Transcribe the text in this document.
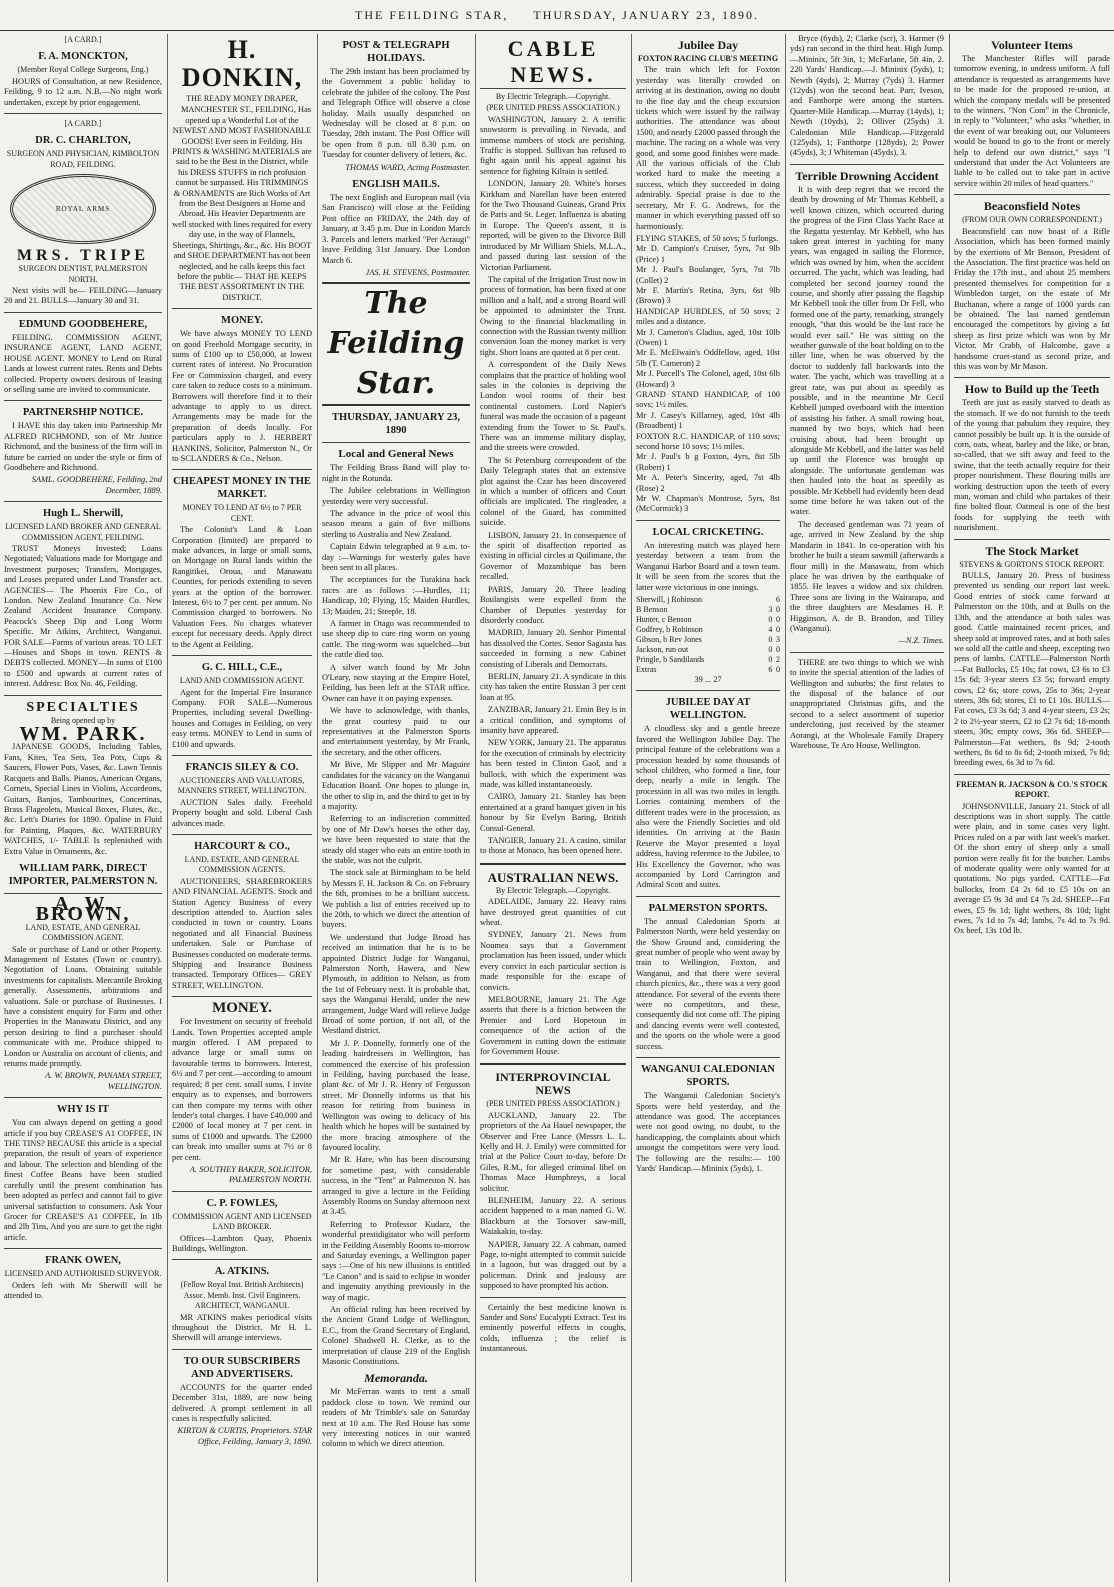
THE FEILDING STAR, THURSDAY, JANUARY 23, 1890.
[A CARD.]
F. A. MONCKTON,
(Member Royal College Surgeons, Eng.)

HOURS of Consultation, at new Residence, Feilding, 9 to 12 a.m. N.B.—No night work undertaken, except by prior engagement.

[A CARD.]
DR. C. CHARLTON,
SURGEON AND PHYSICIAN, KIMBOLTON ROAD, FEILDING.
ROYAL ARMS
MRS. TRIPE
SURGEON DENTIST, PALMERSTON NORTH.

Next visits will be— FEILDING—January 20 and 21. BULLS—January 30 and 31.

EDMUND GOODBEHERE,

FEILDING. COMMISSION AGENT, INSURANCE AGENT, LAND AGENT, HOUSE AGENT. MONEY to Lend on Rural Lands at lowest current rates. Rents and Debts collected. Property owners desirous of leasing or selling same are invited to communicate.

PARTNERSHIP NOTICE.

I HAVE this day taken into Partnership Mr ALFRED RICHMOND, son of Mr Justice Richmond, and the business of the firm will in future be carried on under the style or firm of Goodbehere and Richmond.

SAML. GOODBEHERE, Feilding, 2nd December, 1889.
Hugh L. Sherwill,
LICENSED LAND BROKER AND GENERAL COMMISSION AGENT, FEILDING.

TRUST Moneys Invested; Loans Negotiated; Valuations made for Mortgage and Investment purposes; Transfers, Mortgages, and Leases prepared under Land Transfer act. AGENCIES— The Phoenix Fire Co., of London. New Zealand Insurance Co. New Zealand Accident Insurance Company. Peacock's Sheep Dip and Long Worm Specific. Mr Atkins, Architect, Wanganui. FOR SALE—Farms of various areas. TO LET—Houses and Shops in town. RENTS & DEBTS collected. MONEY—In sums of £100 to £500 and upwards at current rates of interest. Address: Box No. 46, Feilding.

SPECIALTIES
Being opened up by
WM. PARK.

JAPANESE GOODS, Including Tables, Fans, Kites, Tea Sets, Tea Pots, Cups & Saucers, Flower Pots, Vases, &c. Lawn Tennis Racquets and Balls. Pianos, American Organs, Cornets, Special Lines in Violins, Accordeons, Guitars, Banjos, Tambourines, Concertinas, Brass Flageolets, Musical Boxes, Flutes, &c., &c. Lett's Diaries for 1890. Opaline in Fluid for Painting, Plaques, &c. WATERBURY WATCHES, 1/- TABLE Is replenished with Extra Value in Ornaments, &c.

WILLIAM PARK, DIRECT IMPORTER, PALMERSTON N.
A. W. BROWN,
LAND, ESTATE, AND GENERAL COMMISSION AGENT.

Sale or purchase of Land or other Property. Management of Estates (Town or country). Negotiation of Loans. Obtaining suitable investments for capitalists. Mercantile Broking generally. Assessments, arbitrations and valuations. Sale or purchase of Businesses. I have a consistent enquiry for Farm and other Properties in the Manawatu District, and any person desiring to find a purchaser should communicate with me. Produce shipped to London or Australia on account of clients, and returns made promptly.

A. W. BROWN, PANAMA STREET, WELLINGTON.
WHY IS IT

You can always depend on getting a good article if you buy CREASE'S A1 COFFEE, IN THE TINS? BECAUSE this article is a special preparation, the result of years of experience and labour. The selection and blending of the finest Coffee Beans have been studied carefully until the present combination has been adopted as perfect and cannot fail to give universal satisfaction to consumers. Ask Your Grocer for CREASE'S A1 COFFEE, In 1lb and 2lb Tins, And you are sure to get the right article.

FRANK OWEN,
LICENSED AND AUTHORISED SURVEYOR.

Orders left with Mr Sherwill will be attended to.

H. DONKIN,
THE READY MONEY DRAPER,

MANCHESTER ST., FEILDING, Has opened up a Wonderful Lot of the NEWEST AND MOST FASHIONABLE GOODS! Ever seen in Feilding. His PRINTS & WASHING MATERIALS are said to be the Best in the District, while his DRESS STUFFS in rich profusion cannot be surpassed. His TRIMMINGS & ORNAMENTS are Rich Works of Art from the Best Designers at Home and Abroad. His Heavier Departments are well stocked with lines required for every day use, in the way of Flannels, Sheetings, Shirtings, &c., &c. His BOOT and SHOE DEPARTMENT has not been neglected, and he calls keeps this fact before the public— THAT HE KEEPS THE BEST ASSORTMENT IN THE DISTRICT.

MONEY.

We have always MONEY TO LEND on good Freehold Mortgage security, in sums of £100 up to £50,000, at lowest current rates of interest. No Procuration Fee or Commission charged, and every care taken to reduce costs to a minimum. Borrowers will therefore find it to their advantage to apply to us direct. Arrangements may be made for the preparation of deeds locally. For particulars apply to J. HERBERT HANKINS, Solicitor, Palmerston N., Or to SCLANDERS & Co., Nelson.

CHEAPEST MONEY IN THE MARKET.
MONEY TO LEND AT 6½ to 7 PER CENT.

The Colonist's Land & Loan Corporation (limited) are prepared to make advances, in large or small sums, on Mortgage on Rural lands within the Rangitikei, Oroua, and Manawatu Counties, for periods extending to seven years at the option of the borrower. Interest, 6½ to 7 per cent. per annum. No Commission charged to borrowers. No Valuation Fees. No charges whatever except for necessary deeds. Apply direct to the Agent at Feilding.

G. C. HILL, C.E.,
LAND AND COMMISSION AGENT.

Agent for the Imperial Fire Insurance Company. FOR SALE—Numerous Properties, including several Dwelling-houses and Cottages in Feilding, on very easy terms. MONEY to Lend in sums of £100 and upwards.

FRANCIS SILEY & CO.
AUCTIONEERS AND VALUATORS, MANNERS STREET, WELLINGTON.

AUCTION Sales daily. Freehold Property bought and sold. Liberal Cash advances made.

HARCOURT & CO.,
LAND, ESTATE, AND GENERAL COMMISSION AGENTS.

AUCTIONEERS, SHAREBROKERS AND FINANCIAL AGENTS. Stock and Station Agency Business of every description attended to. Auction sales conducted in town or country. Loans negotiated and all Financial Business undertaken. Sale or Purchase of Businesses conducted on moderate terms. Shipping and Insurance Business transacted. Temporary Offices— GREY STREET, WELLINGTON.

MONEY.

For Investment on security of freehold Lands. Town Properties accepted ample margin offered. I AM prepared to advance large or small sums on favourable terms to borrowers. Interest, 6½ and 7 per cent.—according to amount required; 8 per cent. small sums. I invite enquiry as to expenses, and borrowers can then compare my terms with other lender's total charges. I have £40,000 and £2000 of local money at 7 per cent. in sums of £1000 and upwards. The £2000 can break into smaller sums at 7½ or 8 per cent.

A. SOUTHEY BAKER, SOLICITOR, PALMERSTON NORTH.
C. P. FOWLES,
COMMISSION AGENT AND LICENSED LAND BROKER.

Offices—Lambton Quay, Phoenix Buildings, Wellington.

A. ATKINS.
(Fellow Royal Inst. British Architects) Assoc. Memb. Inst. Civil Engineers. ARCHITECT, WANGANUI.

MR ATKINS makes periodical visits throughout the District. Mr H. L. Sherwill will arrange interviews.

TO OUR SUBSCRIBERS AND ADVERTISERS.

ACCOUNTS for the quarter ended December 31st, 1889, are now being delivered. A prompt settlement in all cases is respectfully solicited.

KIRTON & CURTIS, Proprietors. STAR Office, Feilding, January 3, 1890.
POST & TELEGRAPH HOLIDAYS.

The 29th instant has been proclaimed by the Government a public holiday to celebrate the jubilee of the colony. The Post and Telegraph Office will observe a close holiday. Mails usually despatched on Wednesday will be closed at 8 p.m. on Tuesday, 28th instant. The Post Office will be open from 8 p.m. till 8.30 p.m. on Tuesday for counter delivery of letters, &c.

THOMAS WARD, Acting Postmaster.
ENGLISH MAILS.

The next English and European mail (via San Francisco) will close at the Feilding Post office on FRIDAY, the 24th day of January, at 3.45 p.m. Due in London March 3. Parcels and letters marked "Per Acraugi" leave Feilding 31st January. Due London March 6.

JAS. H. STEVENS, Postmaster.
The Feilding Star.
THURSDAY, JANUARY 23, 1890
Local and General News

The Feilding Brass Band will play to-night in the Rotunda.

The Jubilee celebrations in Wellington yesterday were very successful.

The advance in the price of wool this season means a gain of five millions sterling to Australia and New Zealand.

Captain Edwin telegraphed at 9 a.m. to-day :—Warnings for westerly gales have been sent to all places.

The acceptances for the Turakina hack races are as follows :—Hurdles, 11; Handicap, 10; Flying, 15; Maiden Hurdles, 13; Maiden, 21; Steeple, 18.

A farmer in Otago was recommended to use sheep dip to cure ring worm on young cattle. The ring-worm was squelched—but the cattle died too.

A silver watch found by Mr John O'Leary, now staying at the Empire Hotel, Feilding, has been left at the STAR office. Owner can have it on paying expenses.

We have to acknowledge, with thanks, the great courtesy paid to our representatives at the Palmerston Sports and entertainment yesterday, by Mr Frank, the secretary, and the other officers.

Mr Bive, Mr Slipper and Mr Maguire candidates for the vacancy on the Wanganui Education Board. One hopes to plunge in, the other to slip in, and the third to get in by a majority.

Referring to an indiscretion committed by one of Mr Daw's horses the other day, we have been requested to state that the steady old stager who eats an entire tooth in the stable, was not the culprit.

The stock sale at Birmingham to be held by Messrs F. H. Jackson & Co. on February the 6th, promises to be a brilliant success. We publish a list of entries received up to the 20th, to which we direct the attention of buyers.

We understand that Judge Broad has received an intimation that he is to be appointed District Judge for Wanganui, Palmerston North, Hawera, and New Plymouth, in addition to Nelson, as from the 1st of February next. It is probable that, says the Wanganui Herald, under the new arrangement, Judge Ward will relieve Judge Broad of some portion, if not all, of the Westland district.

Mr J. P. Donnelly, formerly one of the leading hairdressers in Wellington, has commenced the exercise of his profession in Feilding, having purchased the lease, plant &c. of Mr J. R. Henry of Fergusson street. Mr Donnelly informs us that his reason for retiring from business in Wellington was owing to delicacy of his health which he hopes will be sustained by the more bracing atmosphere of the favoured locality.

Mr R. Hare, who has been discoursing for sometime past, with considerable success, in the "Tent" at Palmerston N. has arranged to give a lecture in the Feilding Assembly Rooms on Sunday afternoon next at 3.45.

Referring to Professor Kudarz, the wonderful prestidigitator who will perform in the Feilding Assembly Rooms to-morrow and Saturday evenings, a Wellington paper says :—One of his new illusions is entitled "Le Canon" and is said to eclipse in wonder and ingenuity anything previously in the way of magic.

An official ruling has been received by the Ancient Grand Lodge of Wellington, E.C., from the Grand Secretary of England, Colonel Shadwell H. Clerke, as to the interpretation of clause 219 of the English Masonic Constitutions.

Memoranda.

Mr McFerran wants to rent a small paddock close to town. We remind our readers of Mr Trimble's sale on Saturday next at 10 a.m. The Red House has some very interesting notices in our wanted column to which we direct attention.

CABLE NEWS.
By Electric Telegraph.—Copyright.
(PER UNITED PRESS ASSOCIATION.)

WASHINGTON, January 2. A terrific snowstorm is prevailing in Nevada, and immense numbers of stock are perishing. Traffic is stopped. Sullivan has refused to fight again until his appeal against his sentence for fighting Kilrain is settled.

LONDON, January 20. White's horses Kirkham and Narellan have been entered for the Two Thousand Guineas, Grand Prix de Paris and St. Leger. Influenza is abating in Europe. The Queen's assent, it is reported, will be given to the Divorce Bill introduced by Mr William Shiels, M.L.A., and passed during last session of the Victorian Parliament.

The capital of the Irrigation Trust now in process of formation, has been fixed at one million and a half, and a strong Board will be appointed to administer the Trust. Owing to the financial blackmailing in connection with the Russian twenty million conversion loan the money market is very tight. Short loans are quoted at 8 per cent.

A correspondent of the Daily News complains that the practice of holding wool sales in the colonies is depriving the London wool rooms of their best continental customers. Lord Napier's funeral was made the occasion of a pageant extending from the Tower to St. Paul's. There was an immense military display, and the streets were crowded.

The St Petersburg correspondent of the Daily Telegraph states that an extensive plot against the Czar has been discovered in which a number of officers and Court officials are implicated. The ringleader, a colonel of the Guard, has committed suicide.

LISBON, January 21. In consequence of the spirit of disaffection reported as existing in official circles at Quilimane, the Governor of Mozambique has been recalled.

PARIS, January 20. Three leading Boulangists were expelled from the Chamber of Deputies yesterday for disorderly conduct.

MADRID, January 20. Senhor Pimental has dissolved the Cortes. Senor Sagasta has succeeded in forming a new Cabinet consisting of Liberals and Democrats.

BERLIN, January 21. A syndicate in this city has taken the entire Russian 3 per cent loan at 95.

ZANZIBAR, January 21. Emin Bey is in a critical condition, and symptoms of insanity have appeared.

NEW YORK, January 21. The apparatus for the execution of criminals by electricity has been tested in Clinton Gaol, and a bullock, with which the experiment was made, was killed instantaneously.

CAIRO, January 21. Stanley has been entertained at a grand banquet given in his honour by Sir Evelyn Baring, British Consul-General.

TANGIER, January 21. A casino, similar to those at Monaco, has been opened here.

AUSTRALIAN NEWS.
By Electric Telegraph.—Copyright.

ADELAIDE, January 22. Heavy rains have destroyed great quantities of cut wheat.

SYDNEY, January 21. News from Noumea says that a Government proclamation has been issued, under which every convict in each particular section is made responsible for the escape of convicts.

MELBOURNE, January 21. The Age asserts that there is a friction between the Premier and Lord Hopetoun in consequence of the action of the Government in cutting down the estimate for Government House.

INTERPROVINCIAL NEWS
(PER UNITED PRESS ASSOCIATION.)

AUCKLAND, January 22. The proprietors of the Aa Hauel newspaper, the Observer and Free Lance (Messrs L. L. Kelly and H. J. Emily) were committed for trial at the Police Court to-day, before Dr Giles, R.M., for alleged criminal libel on Thomas Mace Humphreys, a local solicitor.

BLENHEIM, January 22. A serious accident happened to a man named G. W. Blackburn at the Torsover saw-mill, Waiakakio, to-day.

NAPIER, January 22. A cabman, named Page, to-night attempted to commit suicide in a lagoon, but was dragged out by a policeman. Drink and jealousy are supposed to have prompted his action.

Certainly the best medicine known is Sander and Sons' Eucalypti Extract. Test its eminently powerful effects in coughs, colds, influenza ; the relief is instantaneous.

Jubilee Day
FOXTON RACING CLUB'S MEETING

The train which left for Foxton yesterday was literally crowded on arriving at its destination, owing no doubt to the fine day and the cheap excursion tickets which were issued by the railway authorities. The attendance was about 1500, and nearly £2000 passed through the machine. The racing on a whole was very good, and some good finishes were made. All the various officials of the Club worked hard to make the meeting a success, which they succeeded in doing admirably. Special praise is due to the secretary, Mr F. G. Andrews, for the manner in which everything passed off so harmoniously.

FLYING STAKES, of 50 sovs; 5 furlongs.
Mr D. Campion's Cruiser, 5yrs, 7st 9lb (Price) 1
Mr J. Paul's Boulanger, 5yrs, 7st 7lb (Collet) 2
Mr F. Martin's Retina, 3yrs, 6st 9lb (Brown) 3
HANDICAP HURDLES, of 50 sovs; 2 miles and a distance.
Mr J. Cameron's Gladius, aged, 10st 10lb (Owen) 1
Mr E. McElwain's Oddfellow, aged, 10st 5lb (T. Cameron) 2
Mr J. Purcell's The Colonel, aged, 10st 6lb (Howard) 3
GRAND STAND HANDICAP, of 100 sovs; 1½ miles.
Mr J. Casey's Killarney, aged, 10st 4lb (Broadbent) 1
FOXTON R.C. HANDICAP, of 110 sovs; second horse 10 sovs; 1½ miles.
Mr J. Paul's b g Foxton, 4yrs, 8st 5lb (Robert) 1
Mr A. Peter's Sincerity, aged, 7st 4lb (Rose) 2
Mr W. Chapman's Montrose, 5yrs, 8st (McCormick) 3
LOCAL CRICKETING.

An interesting match was played here yesterday between a team from the Wanganui Harbor Board and a town team. It will be seen from the scores that the latter were victorious in one innings.

Sherwill, j Robinson		6
B Benson	3	0
Hunter, c Benson	0	0
Godfrey, b Robinson	4	0
Gibson, b Rev Jones	0	3
Jackson, run out	0	0
Pringle, b Sandilands	0	2
Extras	6	0
39 ... 27
JUBILEE DAY AT WELLINGTON.

A cloudless sky and a gentle breeze favored the Wellington Jubilee Day. The principal feature of the celebrations was a procession headed by some thousands of school children, who formed a line, four deep, nearly a mile in length. The procession in all was two miles in length. Lorries containing members of the different trades were in the procession, as also were the Friendly Societies and old identities. On arriving at the Basin Reserve the Mayor presented a loyal address, having reference to the Jubilee, to His Excellency the Governor, who was accompanied by Lord Carrington and Admiral Scott and suites.

PALMERSTON SPORTS.

The annual Caledonian Sports at Palmerston North, were held yesterday on the Show Ground and, considering the great number of people who went away by train to Wellington, Foxton, and Wanganui, and that there were several church picnics, &c., there was a very good attendance. For several of the events there were no competitors, and these, consequently did not come off. The piping and dancing events were well contested, and the sports on the whole were a good success.

WANGANUI CALEDONIAN SPORTS.

The Wanganui Caledonian Society's Sports were held yesterday, and the attendance was good. The acceptances were not good owing, no doubt, to the handicapping, the complaints about which amongst the competitors were very loud. The following are the results:— 100 Yards' Handicap.—Mininix (5yds), 1.

Bryce (6yds), 2; Clarke (scr), 3. Harmer (9 yds) ran second in the third heat. High Jump.—Mininix, 5ft 3in, 1; McFarlane, 5ft 4in, 2. 220 Yards' Handicap.—J. Mininix (5yds), 1; Newth (4yds), 2; Murray (7yds) 3. Harmer (12yds) won the second heat. Parr, Iveson, and Fanthorpe were among the starters. Quarter-Mile Handicap.—Murray (14yds), 1; Newth (10yds), 2; Olliver (25yds) 3. Caledonian Mile Handicap.—Fitzgerald (125yds), 1; Fanthorpe (128yds), 2; Power (45yds), 3; J Whiteman (45yds), 3.

Terrible Drowning Accident

It is with deep regret that we record the death by drowning of Mr Thomas Kebbell, a well known citizen, which occurred during the progress of the First Class Yacht Race at the Regatta yesterday. Mr Kebbell, who has taken great interest in yachting for many years, was engaged in sailing the Florence, which was owned by him, when the accident occurred. The yacht, which was leading, had completed her second journey round the course, and shortly after passing the flagship Mr Kebbell took the tiller from Dr Fell, who formed one of the party, remarking, strangely enough, "that this would be the last race he would ever sail." He was sitting on the weather gunwale of the boat holding on to the tiller line, when he was observed by the doctor to suddenly fall backwards into the water. The yacht, which was travelling at a great rate, was put about as speedily as possible, and in the meantime Mr Cecil Kebbell jumped overboard with the intention of assisting his father. A small rowing boat, manned by two boys, which had been cruising about, had been brought up alongside Mr Kebbell, and the latter was held up until the Florence was brought up alongside. The unfortunate gentleman was then hauled into the boat as speedily as possible. Mr Kebbell had evidently been dead some time before he was taken out of the water.

The deceased gentleman was 71 years of age, arrived in New Zealand by the ship Mandarin in 1841. In co-operation with his brother he built a steam sawmill (afterwards a flour mill) in the Manawatu, from which place he was driven by the earthquake of 1855. He leaves a widow and six children. Three sons are living in the Wairarapa, and the three daughters are Mesdames H. P. Higginson, A. de B. Brandon, and Tilley (Wanganui).

—N.Z. Times.

THERE are two things to which we wish to invite the special attention of the ladies of Wellington and suburbs; the first relates to the disposal of the balance of our unappropriated Christmas gifts, and the second to a select assortment of superior undercloting, just received by the steamer Aorangi, at the Wholesale Family Drapery Warehouse, Te Aro House, Wellington.

Volunteer Items

The Manchester Rifles will parade tomorrow evening, in undress uniform. A full attendance is requested as arrangements have to be made for the proposed re-union, at which the company medals will be presented to the winners. "Non Com" in the Chronicle, in reply to "Volunteer," who asks "whether, in the event of war breaking out, our Volunteers would be bound to go to the front or merely help to defend our own district," says "I understand that under the Act Volunteers are liable to be called out to take part in active service within 20 miles of head quarters."

Beaconsfield Notes
(FROM OUR OWN CORRESPONDENT.)

Beaconsfield can now boast of a Rifle Association, which has been formed mainly by the exertions of Mr Benson, President of the Association. The first practice was held on Friday the 17th inst., and about 25 members presented themselves for competition for a Wimbledon target, on the estate of Mr Buchanan, where a range of 1000 yards can be obtained. The last named gentleman encouraged the competitors by giving a fat sheep as first prize which was won by Mr Victor. Mr Crabb, of Halcombe, gave a handsome cruet-stand as second prize, and this was won by Mr Mason.

How to Build up the Teeth

Teeth are just as easily starved to death as the stomach. If we do not furnish to the teeth of the young that pabulum they require, they cannot possibly be built up. It is the outside of corn, oats, wheat, barley and the like, or bran, so-called, that we sift away and feed to the swine, that the teeth actually require for their proper nourishment. These flouring mills are working destruction upon the teeth of every man, woman and child who partakes of their fine bolted flour. Oatmeal is one of the best foods for supplying the teeth with nourishment.

The Stock Market
STEVENS & GORTON'S STOCK REPORT.

BULLS, January 20. Press of business prevented us sending our report last week. Good entries of stock came forward at Palmerston on the 10th, and at Bulls on the 13th, and the attendance at both sales was good. Cattle maintained recent prices, and sheep sold at improved rates, and at both sales we sold all the cattle and sheep, excepting two pens of lambs. CATTLE—Palmerston North—Fat Bullocks, £5 10s; fat cows, £3 6s to £3 15s 6d; 3-year steers £3 5s; forward empty cows, £2 6s; store cows, 25s to 36s; 2-year steers, 38s 6d; stores, £1 to £1 10s. BULLS—Fat cows, £3 3s 6d; 3 and 4-year steers, £3 2s; 2 to 2½-year steers, £2 to £2 7s 6d; 18-month steers, 30s; empty cows, 36s 6d. SHEEP—Palmerston—Fat wethers, 8s 9d; 2-tooth wethers, 8s 6d to 8s 6d; 2-tooth mixed, 7s 8d; breeding ewes, 6s 3d to 7s 6d.

FREEMAN R. JACKSON & CO.'S STOCK REPORT.

JOHNSONVILLE, January 21. Stock of all descriptions was in short supply. The cattle were plain, and in some cases very light. Prices ruled on a par with last week's market. Of the short entry of sheep only a small portion were really fit for the butcher. Lambs of moderate quality were only wanted for at quotations. No pigs yarded. CATTLE—Fat bullocks, from £4 2s 6d to £5 10s on an average £5 9s 3d and £4 7s 2d. SHEEP—Fat ewes, £5 9s 1d; light wethers, 8s 10d; light ewes, 7s 1d to 7s 4d; lambs, 7s 4d to 7s 9d. Ox beef, 13s 10d lb.
